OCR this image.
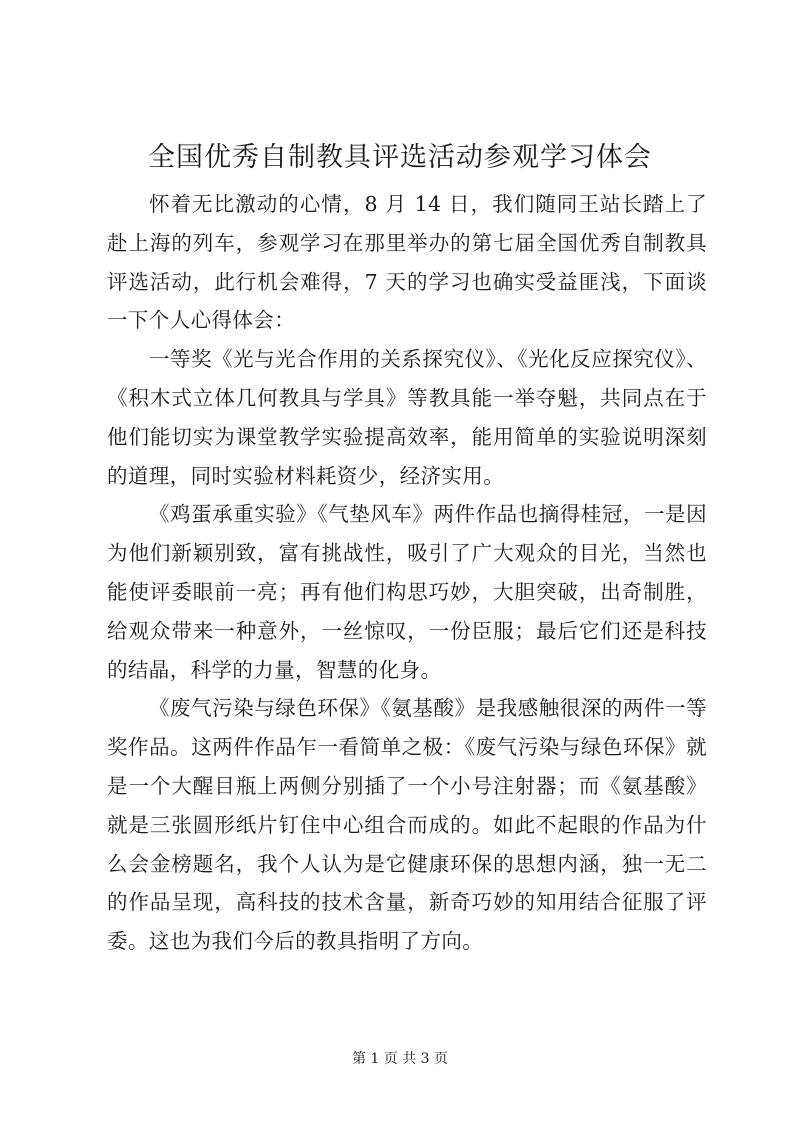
全国优秀自制教具评选活动参观学习体会

怀着无比激动的心情，8 月 14 日，我们随同王站长踏上了赴上海的列车，参观学习在那里举办的第七届全国优秀自制教具评选活动，此行机会难得，7 天的学习也确实受益匪浅，下面谈一下个人心得体会：

一等奖《光与光合作用的关系探究仪》、《光化反应探究仪》、《积木式立体几何教具与学具》等教具能一举夺魁，共同点在于他们能切实为课堂教学实验提高效率，能用简单的实验说明深刻的道理，同时实验材料耗资少，经济实用。

《鸡蛋承重实验》《气垫风车》两件作品也摘得桂冠，一是因为他们新颖别致，富有挑战性，吸引了广大观众的目光，当然也能使评委眼前一亮；再有他们构思巧妙，大胆突破，出奇制胜，给观众带来一种意外，一丝惊叹，一份臣服；最后它们还是科技的结晶，科学的力量，智慧的化身。

《废气污染与绿色环保》《氨基酸》是我感触很深的两件一等奖作品。这两件作品乍一看简单之极：《废气污染与绿色环保》就是一个大醒目瓶上两侧分别插了一个小号注射器；而《氨基酸》就是三张圆形纸片钉住中心组合而成的。如此不起眼的作品为什么会金榜题名，我个人认为是它健康环保的思想内涵，独一无二的作品呈现，高科技的技术含量，新奇巧妙的知用结合征服了评委。这也为我们今后的教具指明了方向。

第 1 页 共 3 页
